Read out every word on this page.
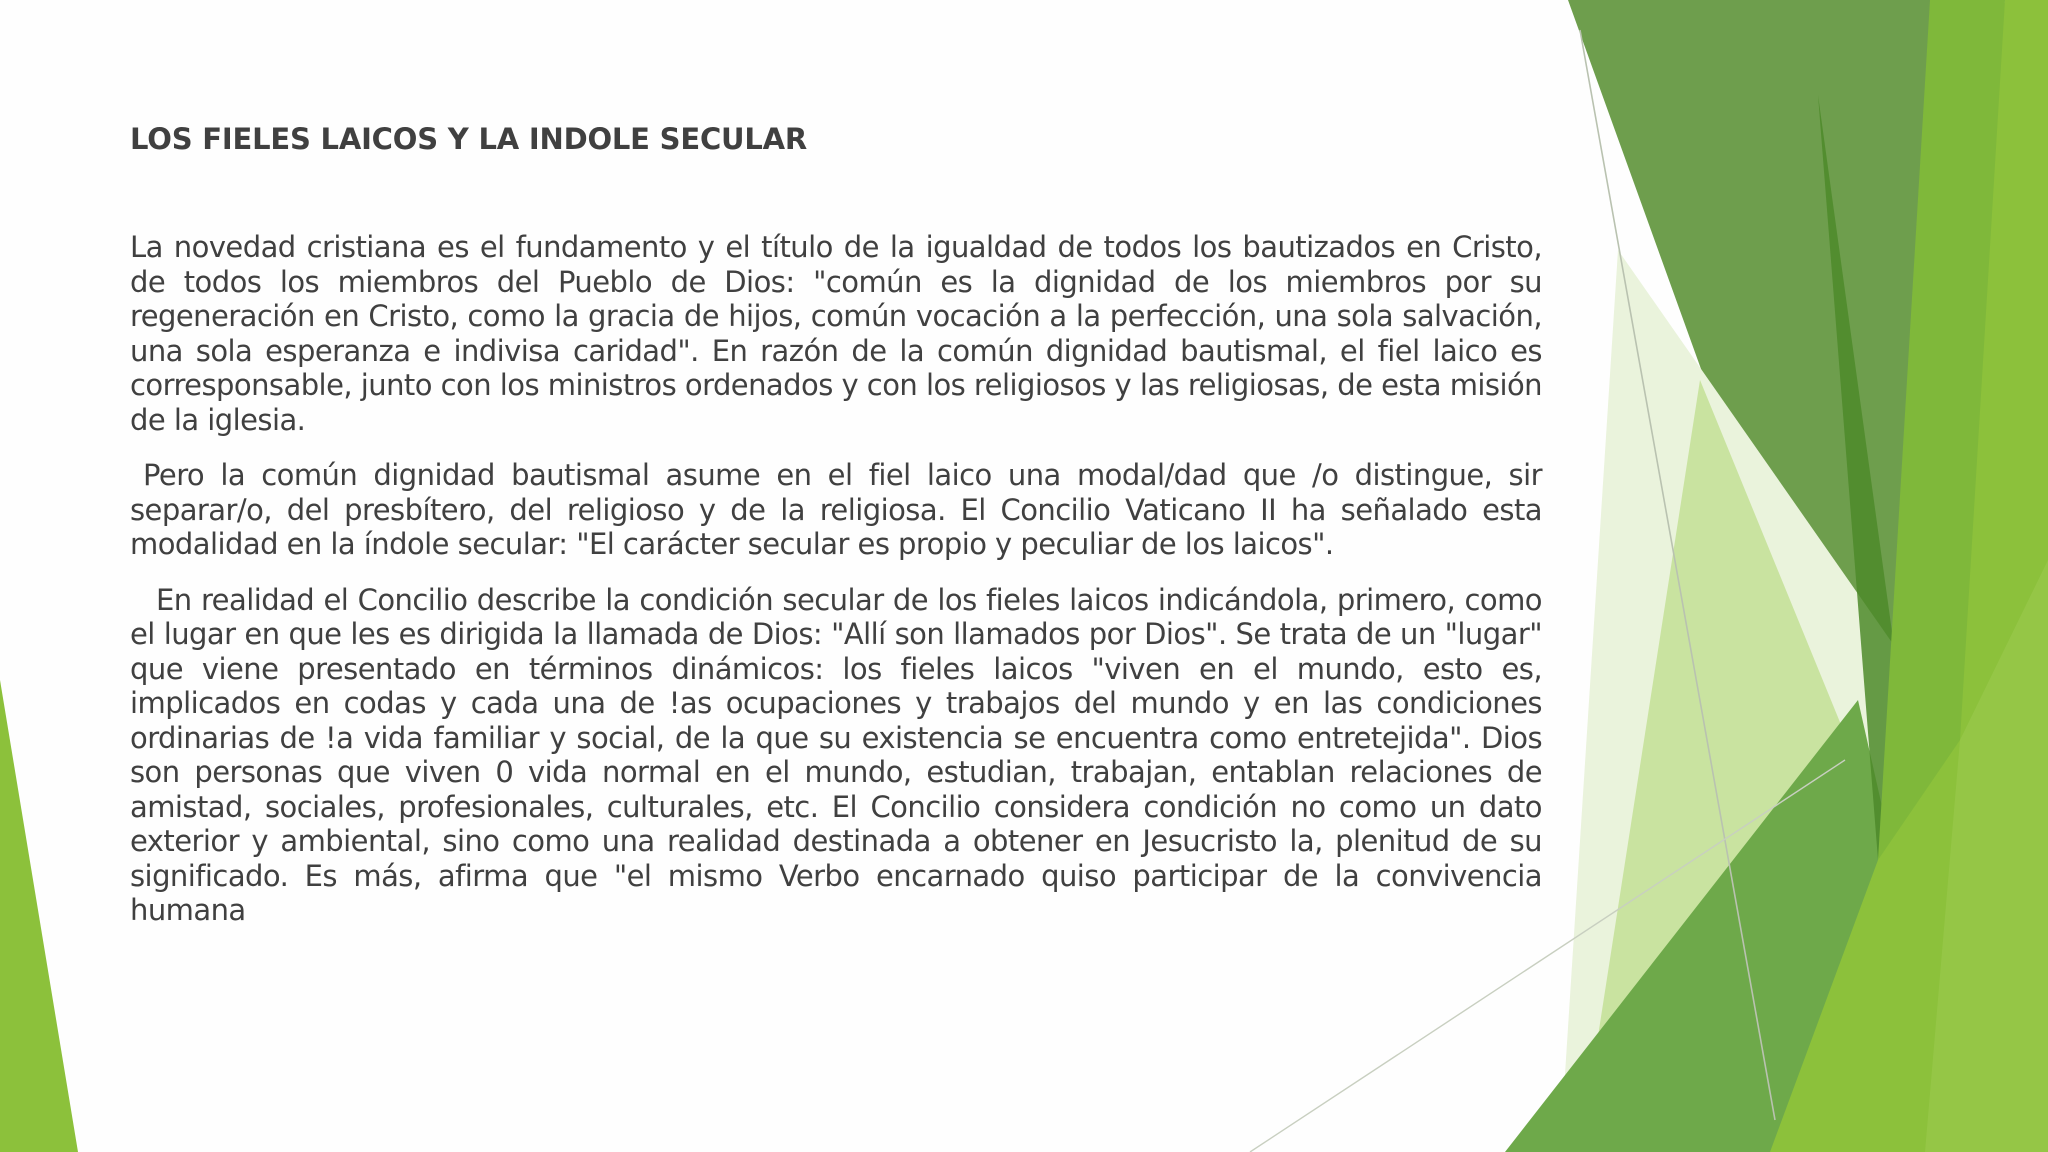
LOS FIELES LAICOS Y LA INDOLE SECULAR

La novedad cristiana es el fundamento y el título de la igualdad de todos los bautizados en Cristo, de todos los miembros del Pueblo de Dios: "común es la dignidad de los miembros por su regeneración en Cristo, como la gracia de hijos, común vocación a la perfección, una sola salvación, una sola esperanza e indivisa caridad". En razón de la común dignidad bautismal, el fiel laico es corresponsable, junto con los ministros ordenados y con los religiosos y las religiosas, de esta misión de la iglesia.

Pero la común dignidad bautismal asume en el fiel laico una modal/dad que /o distingue, sir separar/o, del presbítero, del religioso y de la religiosa. El Concilio Vaticano II ha señalado esta modalidad en la índole secular: "El carácter secular es propio y peculiar de los laicos".

En realidad el Concilio describe la condición secular de los fieles laicos indicándola, primero, como el lugar en que les es dirigida la llamada de Dios: "Allí son llamados por Dios". Se trata de un "lugar" que viene presentado en términos dinámicos: los fieles laicos "viven en el mundo, esto es, implicados en codas y cada una de !as ocupaciones y trabajos del mundo y en las condiciones ordinarias de !a vida familiar y social, de la que su existencia se encuentra como entretejida". Dios son personas que viven 0 vida normal en el mundo, estudian, trabajan, entablan relaciones de amistad, sociales, profesionales, culturales, etc. El Concilio considera condición no como un dato exterior y ambiental, sino como una realidad destinada a obtener en Jesucristo la, plenitud de su significado. Es más, afirma que "el mismo Verbo encarnado quiso participar de la convivencia humana
